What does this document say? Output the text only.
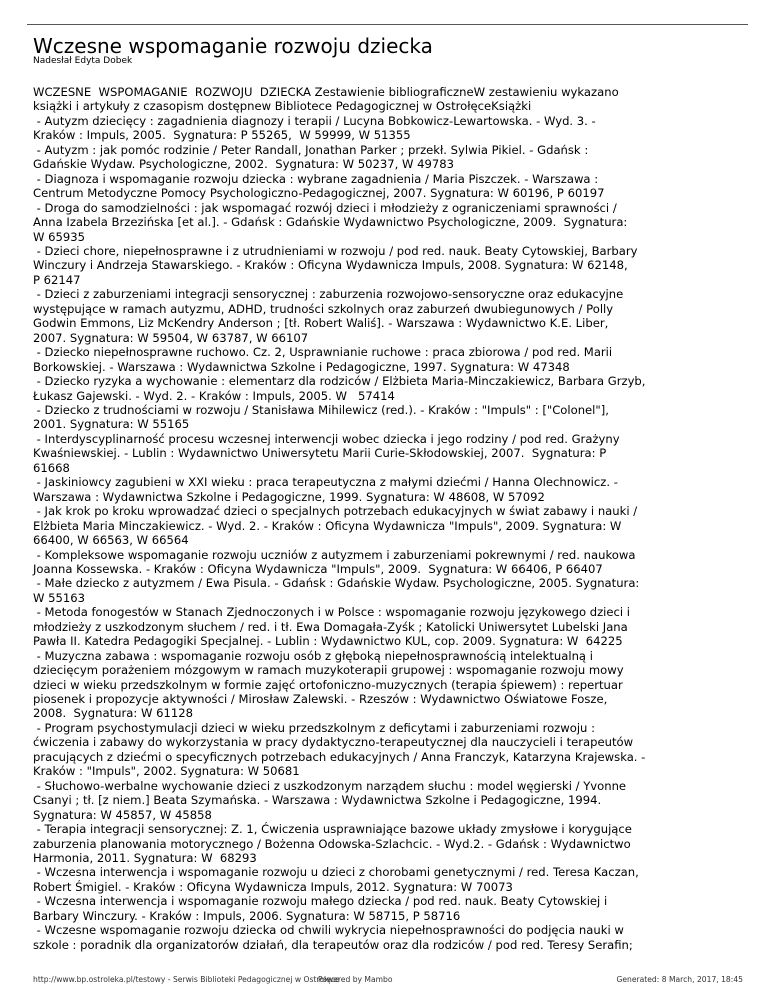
Wczesne wspomaganie rozwoju dziecka
Nadesłał Edyta Dobek

WCZESNE  WSPOMAGANIE  ROZWOJU  DZIECKA Zestawienie bibliograficzneW zestawieniu wykazano

książki i artykuły z czasopism dostępnew Bibliotece Pedagogicznej w OstrołęceKsiążki

- Autyzm dziecięcy : zagadnienia diagnozy i terapii / Lucyna Bobkowicz-Lewartowska. - Wyd. 3. -

Kraków : Impuls, 2005.  Sygnatura: P 55265,  W 59999, W 51355

- Autyzm : jak pomóc rodzinie / Peter Randall, Jonathan Parker ; przekł. Sylwia Pikiel. - Gdańsk :

Gdańskie Wydaw. Psychologiczne, 2002.  Sygnatura: W 50237, W 49783

- Diagnoza i wspomaganie rozwoju dziecka : wybrane zagadnienia / Maria Piszczek. - Warszawa :

Centrum Metodyczne Pomocy Psychologiczno-Pedagogicznej, 2007. Sygnatura: W 60196, P 60197

- Droga do samodzielności : jak wspomagać rozwój dzieci i młodzieży z ograniczeniami sprawności /

Anna Izabela Brzezińska [et al.]. - Gdańsk : Gdańskie Wydawnictwo Psychologiczne, 2009.  Sygnatura:

W 65935

- Dzieci chore, niepełnosprawne i z utrudnieniami w rozwoju / pod red. nauk. Beaty Cytowskiej, Barbary

Winczury i Andrzeja Stawarskiego. - Kraków : Oficyna Wydawnicza Impuls, 2008. Sygnatura: W 62148,

P 62147

- Dzieci z zaburzeniami integracji sensorycznej : zaburzenia rozwojowo-sensoryczne oraz edukacyjne

występujące w ramach autyzmu, ADHD, trudności szkolnych oraz zaburzeń dwubiegunowych / Polly

Godwin Emmons, Liz McKendry Anderson ; [tł. Robert Waliś]. - Warszawa : Wydawnictwo K.E. Liber,

2007. Sygnatura: W 59504, W 63787, W 66107

- Dziecko niepełnosprawne ruchowo. Cz. 2, Usprawnianie ruchowe : praca zbiorowa / pod red. Marii

Borkowskiej. - Warszawa : Wydawnictwa Szkolne i Pedagogiczne, 1997. Sygnatura: W 47348

- Dziecko ryzyka a wychowanie : elementarz dla rodziców / Elżbieta Maria-Minczakiewicz, Barbara Grzyb,

Łukasz Gajewski. - Wyd. 2. - Kraków : Impuls, 2005. W   57414

- Dziecko z trudnościami w rozwoju / Stanisława Mihilewicz (red.). - Kraków : "Impuls" : ["Colonel"],

2001. Sygnatura: W 55165

- Interdyscyplinarność procesu wczesnej interwencji wobec dziecka i jego rodziny / pod red. Grażyny

Kwaśniewskiej. - Lublin : Wydawnictwo Uniwersytetu Marii Curie-Skłodowskiej, 2007.  Sygnatura: P

61668

- Jaskiniowcy zagubieni w XXI wieku : praca terapeutyczna z małymi dziećmi / Hanna Olechnowicz. -

Warszawa : Wydawnictwa Szkolne i Pedagogiczne, 1999. Sygnatura: W 48608, W 57092

- Jak krok po kroku wprowadzać dzieci o specjalnych potrzebach edukacyjnych w świat zabawy i nauki /

Elżbieta Maria Minczakiewicz. - Wyd. 2. - Kraków : Oficyna Wydawnicza "Impuls", 2009. Sygnatura: W

66400, W 66563, W 66564

- Kompleksowe wspomaganie rozwoju uczniów z autyzmem i zaburzeniami pokrewnymi / red. naukowa

Joanna Kossewska. - Kraków : Oficyna Wydawnicza "Impuls", 2009.  Sygnatura: W 66406, P 66407

- Małe dziecko z autyzmem / Ewa Pisula. - Gdańsk : Gdańskie Wydaw. Psychologiczne, 2005. Sygnatura:

W 55163

- Metoda fonogestów w Stanach Zjednoczonych i w Polsce : wspomaganie rozwoju językowego dzieci i

młodzieży z uszkodzonym słuchem / red. i tł. Ewa Domagała-Zyśk ; Katolicki Uniwersytet Lubelski Jana

Pawła II. Katedra Pedagogiki Specjalnej. - Lublin : Wydawnictwo KUL, cop. 2009. Sygnatura: W  64225

- Muzyczna zabawa : wspomaganie rozwoju osób z głęboką niepełnosprawnością intelektualną i

dziecięcym porażeniem mózgowym w ramach muzykoterapii grupowej : wspomaganie rozwoju mowy

dzieci w wieku przedszkolnym w formie zajęć ortofoniczno-muzycznych (terapia śpiewem) : repertuar

piosenek i propozycje aktywności / Mirosław Zalewski. - Rzeszów : Wydawnictwo Oświatowe Fosze,

2008.  Sygnatura: W 61128

- Program psychostymulacji dzieci w wieku przedszkolnym z deficytami i zaburzeniami rozwoju :

ćwiczenia i zabawy do wykorzystania w pracy dydaktyczno-terapeutycznej dla nauczycieli i terapeutów

pracujących z dziećmi o specyficznych potrzebach edukacyjnych / Anna Franczyk, Katarzyna Krajewska. -

Kraków : "Impuls", 2002. Sygnatura: W 50681

- Słuchowo-werbalne wychowanie dzieci z uszkodzonym narządem słuchu : model węgierski / Yvonne

Csanyi ; tł. [z niem.] Beata Szymańska. - Warszawa : Wydawnictwa Szkolne i Pedagogiczne, 1994.

Sygnatura: W 45857, W 45858

- Terapia integracji sensorycznej: Z. 1, Ćwiczenia usprawniające bazowe układy zmysłowe i korygujące

zaburzenia planowania motorycznego / Bożenna Odowska-Szlachcic. - Wyd.2. - Gdańsk : Wydawnictwo

Harmonia, 2011. Sygnatura: W  68293

- Wczesna interwencja i wspomaganie rozwoju u dzieci z chorobami genetycznymi / red. Teresa Kaczan,

Robert Śmigiel. - Kraków : Oficyna Wydawnicza Impuls, 2012. Sygnatura: W 70073

- Wczesna interwencja i wspomaganie rozwoju małego dziecka / pod red. nauk. Beaty Cytowskiej i

Barbary Winczury. - Kraków : Impuls, 2006. Sygnatura: W 58715, P 58716

- Wczesne wspomaganie rozwoju dziecka od chwili wykrycia niepełnosprawności do podjęcia nauki w

szkole : poradnik dla organizatorów działań, dla terapeutów oraz dla rodziców / pod red. Teresy Serafin;

http://www.bp.ostroleka.pl/testowy - Serwis Biblioteki Pedagogicznej w Ostrołęce
Powered by Mambo	Generated: 8 March, 2017, 18:45
